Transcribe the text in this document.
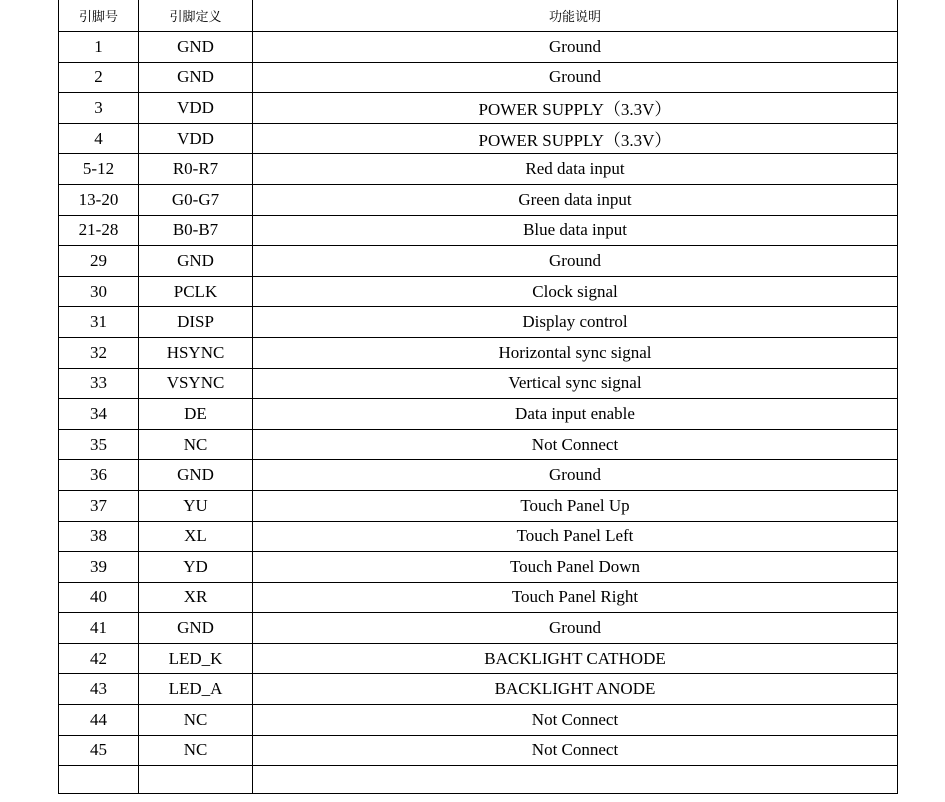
引脚号	引脚定义	功能说明
1	GND	Ground
2	GND	Ground
3	VDD	POWER SUPPLY（3.3V）
4	VDD	POWER SUPPLY（3.3V）
5-12	R0-R7	Red data input
13-20	G0-G7	Green data input
21-28	B0-B7	Blue data input
29	GND	Ground
30	PCLK	Clock signal
31	DISP	Display control
32	HSYNC	Horizontal sync signal
33	VSYNC	Vertical sync signal
34	DE	Data input enable
35	NC	Not Connect
36	GND	Ground
37	YU	Touch Panel Up
38	XL	Touch Panel Left
39	YD	Touch Panel Down
40	XR	Touch Panel Right
41	GND	Ground
42	LED_K	BACKLIGHT CATHODE
43	LED_A	BACKLIGHT ANODE
44	NC	Not Connect
45	NC	Not Connect
